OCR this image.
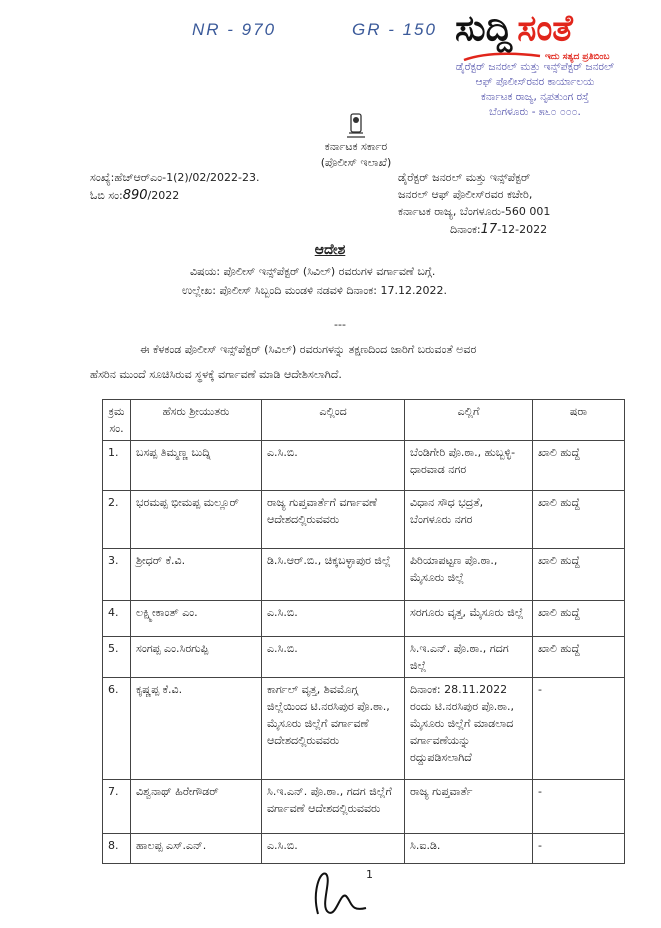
NR - 970	GR - 150 ಸುದ್ದಿ ಸಂತೆ
ಇದು ಸತ್ಯದ ಪ್ರತಿಬಿಂಬ
ಡೈರೆಕ್ಟರ್ ಜನರಲ್ ಮತ್ತು ಇನ್ಸ್‌ಪೆಕ್ಟರ್ ಜನರಲ್
ಆಫ್ ಪೊಲೀಸ್‌ರವರ ಕಾರ್ಯಾಲಯ
ಕರ್ನಾಟಕ ರಾಜ್ಯ, ನೃಪತುಂಗ ರಸ್ತೆ
ಬೆಂಗಳೂರು - ೫೬೦ ೦೦೦.
ಕರ್ನಾಟಕ ಸರ್ಕಾರ
(ಪೊಲೀಸ್ ಇಲಾಖೆ)
ಸಂಖ್ಯೆ:ಹೆಚ್‌ಆರ್‌ಎಂ-1(2)/02/2022-23.
ಓಬಿ ಸಂ:890/2022
ಡೈರೆಕ್ಟರ್ ಜನರಲ್ ಮತ್ತು ಇನ್ಸ್‌ಪೆಕ್ಟರ್
ಜನರಲ್ ಆಫ್ ಪೊಲೀಸ್‌ರವರ ಕಚೇರಿ,
ಕರ್ನಾಟಕ ರಾಜ್ಯ, ಬೆಂಗಳೂರು-560 001
ದಿನಾಂಕ:17-12-2022
ಆದೇಶ
ವಿಷಯ: ಪೊಲೀಸ್ ಇನ್ಸ್‌ಪೆಕ್ಟರ್ (ಸಿವಿಲ್) ರವರುಗಳ ವರ್ಗಾವಣೆ ಬಗ್ಗೆ.
ಉಲ್ಲೇಖ: ಪೊಲೀಸ್ ಸಿಬ್ಬಂದಿ ಮಂಡಳಿ ನಡವಳಿ ದಿನಾಂಕ: 17.12.2022.
---
ಈ ಕೆಳಕಂಡ ಪೊಲೀಸ್ ಇನ್ಸ್‌ಪೆಕ್ಟರ್ (ಸಿವಿಲ್) ರವರುಗಳನ್ನು ತಕ್ಷಣದಿಂದ ಜಾರಿಗೆ ಬರುವಂತೆ ಅವರ
ಹೆಸರಿನ ಮುಂದೆ ಸೂಚಿಸಿರುವ ಸ್ಥಳಕ್ಕೆ ವರ್ಗಾವಣೆ ಮಾಡಿ ಆದೇಶಿಸಲಾಗಿದೆ.
ಕ್ರಮ ಸಂ.	ಹೆಸರು ಶ್ರೀಯುತರು	ಎಲ್ಲಿಂದ	ಎಲ್ಲಿಗೆ	ಷರಾ
1.	ಬಸಪ್ಪ ತಿಮ್ಮಣ್ಣ ಬುದ್ನಿ	ಎ.ಸಿ.ಬಿ.	ಬೆಂಡಿಗೇರಿ ಪೊ.ಠಾ., ಹುಬ್ಬಳ್ಳಿ-ಧಾರವಾಡ ನಗರ	ಖಾಲಿ ಹುದ್ದೆ
2.	ಭರಮಪ್ಪ ಭೀಮಪ್ಪ ಮಲ್ಲೂರ್	ರಾಜ್ಯ ಗುಪ್ತವಾರ್ತೆಗೆ ವರ್ಗಾವಣೆ ಆದೇಶದಲ್ಲಿರುವವರು	ವಿಧಾನ ಸೌಧ ಭದ್ರತೆ, ಬೆಂಗಳೂರು ನಗರ	ಖಾಲಿ ಹುದ್ದೆ
3.	ಶ್ರೀಧರ್ ಕೆ.ವಿ.	ಡಿ.ಸಿ.ಆರ್.ಬಿ., ಚಿಕ್ಕಬಳ್ಳಾಪುರ ಜಿಲ್ಲೆ	ಪಿರಿಯಾಪಟ್ಟಣ ಪೊ.ಠಾ., ಮೈಸೂರು ಜಿಲ್ಲೆ	ಖಾಲಿ ಹುದ್ದೆ
4.	ಲಕ್ಷ್ಮೀಕಾಂತ್ ಎಂ.	ಎ.ಸಿ.ಬಿ.	ಸರಗೂರು ವೃತ್ತ, ಮೈಸೂರು ಜಿಲ್ಲೆ	ಖಾಲಿ ಹುದ್ದೆ
5.	ಸಂಗಪ್ಪ ಎಂ.ಸಿರಗುಪ್ಪಿ	ಎ.ಸಿ.ಬಿ.	ಸಿ.ಇ.ಎನ್. ಪೊ.ಠಾ., ಗದಗ ಜಿಲ್ಲೆ	ಖಾಲಿ ಹುದ್ದೆ
6.	ಕೃಷ್ಣಪ್ಪ ಕೆ.ವಿ.	ಕಾರ್ಗಲ್ ವೃತ್ತ, ಶಿವಮೊಗ್ಗ ಜಿಲ್ಲೆಯಿಂದ ಟಿ.ನರಸಿಪುರ ಪೊ.ಠಾ., ಮೈಸೂರು ಜಿಲ್ಲೆಗೆ ವರ್ಗಾವಣೆ ಆದೇಶದಲ್ಲಿರುವವರು	ದಿನಾಂಕ: 28.11.2022 ರಂದು ಟಿ.ನರಸಿಪುರ ಪೊ.ಠಾ., ಮೈಸೂರು ಜಿಲ್ಲೆಗೆ ಮಾಡಲಾದ ವರ್ಗಾವಣೆಯನ್ನು ರದ್ದುಪಡಿಸಲಾಗಿದೆ	-
7.	ವಿಶ್ವನಾಥ್ ಹಿರೇಗೌಡರ್	ಸಿ.ಇ.ಎನ್. ಪೊ.ಠಾ., ಗದಗ ಜಿಲ್ಲೆಗೆ ವರ್ಗಾವಣೆ ಆದೇಶದಲ್ಲಿರುವವರು	ರಾಜ್ಯ ಗುಪ್ತವಾರ್ತೆ	-
8.	ಹಾಲಪ್ಪ ಎಸ್.ಎನ್.	ಎ.ಸಿ.ಬಿ.	ಸಿ.ಐ.ಡಿ.	-
1
